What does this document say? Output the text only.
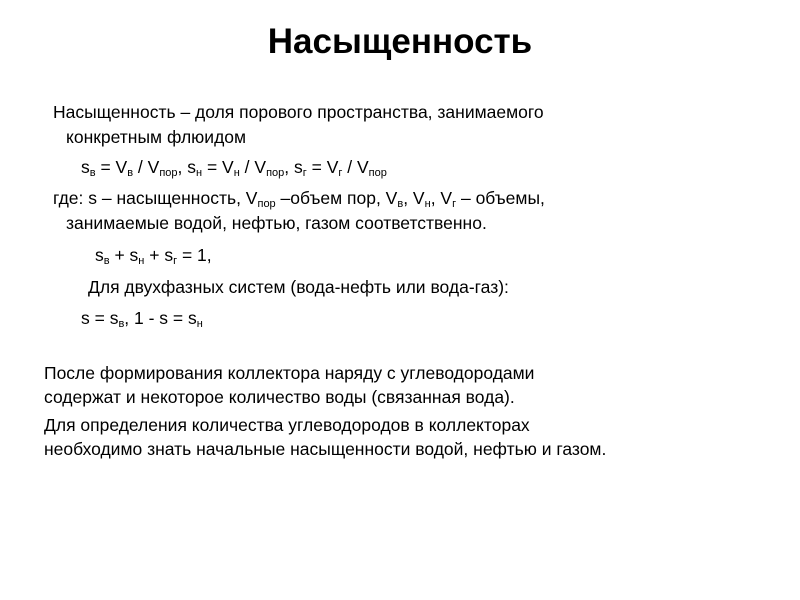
Насыщенность
Насыщенность – доля порового пространства, занимаемого
конкретным флюидом
$s_в = V_в / V_{пор}$, $s_н = V_н / V_{пор}$, $s_г = V_г / V_{пор}$
где: s – насыщенность, $V_{пор}$ –объем пор, $V_в$, $V_н$, $V_г$ – объемы,
занимаемые водой, нефтью, газом соответственно.
$s_в + s_н + s_г = 1$,
Для двухфазных систем (вода-нефть или вода-газ):
$s = s_в$, $1 - s = s_н$
После формирования коллектора наряду с углеводородами
содержат и некоторое количество воды (связанная вода).
Для определения количества углеводородов в коллекторах
необходимо знать начальные насыщенности водой, нефтью и газом.
